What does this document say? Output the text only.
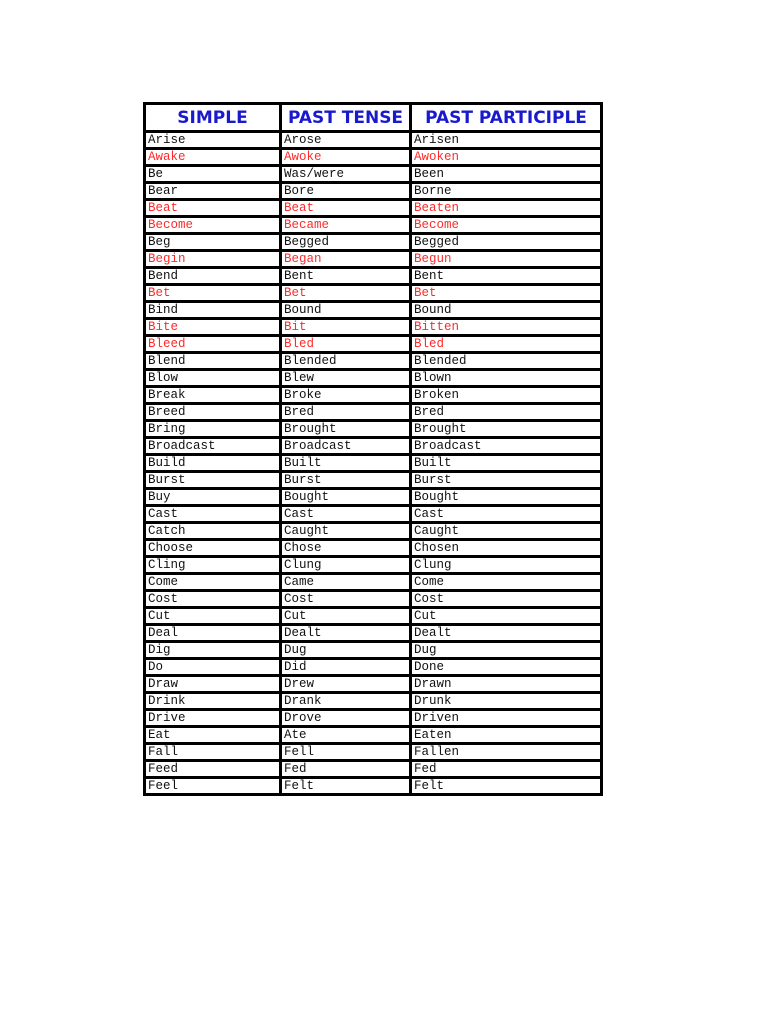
SIMPLE	PAST TENSE	PAST PARTICIPLE
Arise	Arose	Arisen
Awake	Awoke	Awoken
Be	Was/were	Been
Bear	Bore	Borne
Beat	Beat	Beaten
Become	Became	Become
Beg	Begged	Begged
Begin	Began	Begun
Bend	Bent	Bent
Bet	Bet	Bet
Bind	Bound	Bound
Bite	Bit	Bitten
Bleed	Bled	Bled
Blend	Blended	Blended
Blow	Blew	Blown
Break	Broke	Broken
Breed	Bred	Bred
Bring	Brought	Brought
Broadcast	Broadcast	Broadcast
Build	Built	Built
Burst	Burst	Burst
Buy	Bought	Bought
Cast	Cast	Cast
Catch	Caught	Caught
Choose	Chose	Chosen
Cling	Clung	Clung
Come	Came	Come
Cost	Cost	Cost
Cut	Cut	Cut
Deal	Dealt	Dealt
Dig	Dug	Dug
Do	Did	Done
Draw	Drew	Drawn
Drink	Drank	Drunk
Drive	Drove	Driven
Eat	Ate	Eaten
Fall	Fell	Fallen
Feed	Fed	Fed
Feel	Felt	Felt
